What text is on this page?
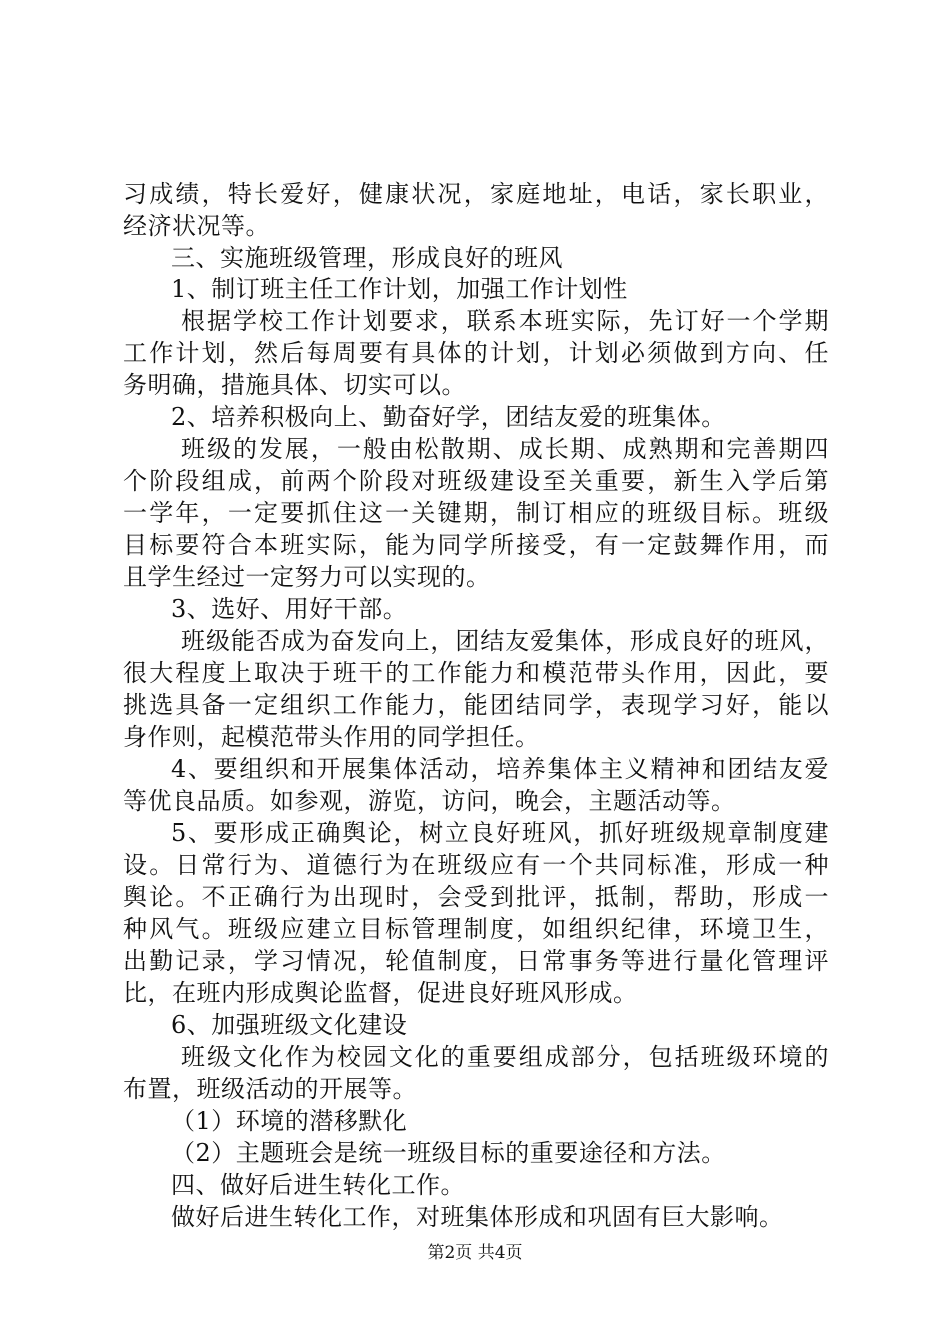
习成绩，特长爱好，健康状况，家庭地址，电话，家长职业，
经济状况等。
三、实施班级管理，形成良好的班风
1、制订班主任工作计划，加强工作计划性
根据学校工作计划要求，联系本班实际，先订好一个学期
工作计划，然后每周要有具体的计划，计划必须做到方向、任
务明确，措施具体、切实可以。
2、培养积极向上、勤奋好学，团结友爱的班集体。
班级的发展，一般由松散期、成长期、成熟期和完善期四
个阶段组成，前两个阶段对班级建设至关重要，新生入学后第
一学年，一定要抓住这一关键期，制订相应的班级目标。班级
目标要符合本班实际，能为同学所接受，有一定鼓舞作用，而
且学生经过一定努力可以实现的。
3、选好、用好干部。
班级能否成为奋发向上，团结友爱集体，形成良好的班风，
很大程度上取决于班干的工作能力和模范带头作用，因此，要
挑选具备一定组织工作能力，能团结同学，表现学习好，能以
身作则，起模范带头作用的同学担任。
4、要组织和开展集体活动，培养集体主义精神和团结友爱
等优良品质。如参观，游览，访问，晚会，主题活动等。
5、要形成正确舆论，树立良好班风，抓好班级规章制度建
设。日常行为、道德行为在班级应有一个共同标准，形成一种
舆论。不正确行为出现时，会受到批评，抵制，帮助，形成一
种风气。班级应建立目标管理制度，如组织纪律，环境卫生，
出勤记录，学习情况，轮值制度，日常事务等进行量化管理评
比，在班内形成舆论监督，促进良好班风形成。
6、加强班级文化建设
班级文化作为校园文化的重要组成部分，包括班级环境的
布置，班级活动的开展等。
（1）环境的潜移默化
（2）主题班会是统一班级目标的重要途径和方法。
四、做好后进生转化工作。
做好后进生转化工作，对班集体形成和巩固有巨大影响。
第2页 共4页
